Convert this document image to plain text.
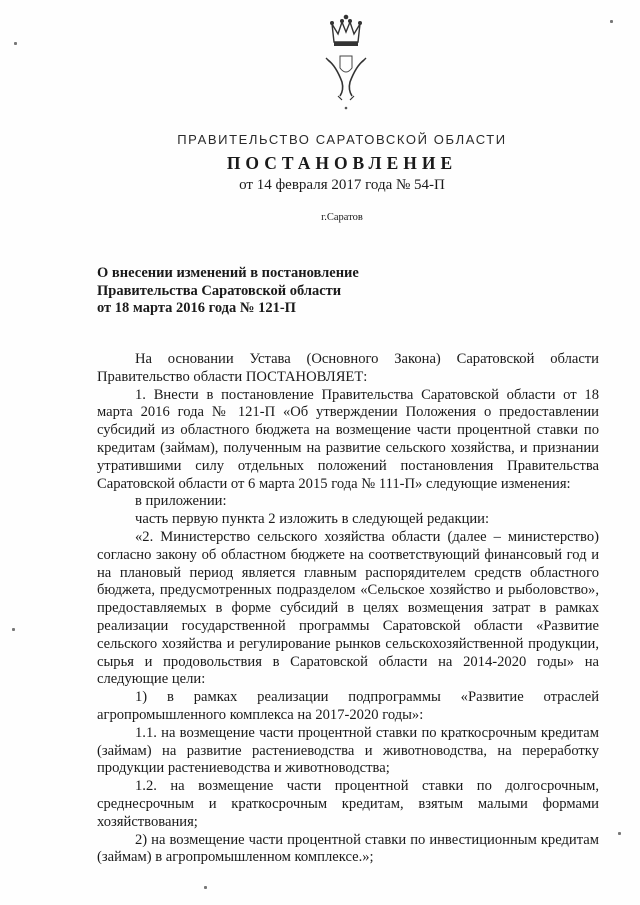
ПРАВИТЕЛЬСТВО САРАТОВСКОЙ ОБЛАСТИ
ПОСТАНОВЛЕНИЕ
от 14 февраля 2017 года № 54-П
г.Саратов
О внесении изменений в постановление
Правительства Саратовской области
от 18 марта 2016 года № 121-П

На основании Устава (Основного Закона) Саратовской области Правительство области ПОСТАНОВЛЯЕТ:

1. Внести в постановление Правительства Саратовской области от 18 марта 2016 года № 121-П «Об утверждении Положения о предоставлении субсидий из областного бюджета на возмещение части процентной ставки по кредитам (займам), полученным на развитие сельского хозяйства, и признании утратившими силу отдельных положений постановления Правительства Саратовской области от 6 марта 2015 года № 111-П» следующие изменения:

в приложении:

часть первую пункта 2 изложить в следующей редакции:

«2. Министерство сельского хозяйства области (далее – министерство) согласно закону об областном бюджете на соответствующий финансовый год и на плановый период является главным распорядителем средств областного бюджета, предусмотренных подразделом «Сельское хозяйство и рыболовство», предоставляемых в форме субсидий в целях возмещения затрат в рамках реализации государственной программы Саратовской области «Развитие сельского хозяйства и регулирование рынков сельскохозяйственной продукции, сырья и продовольствия в Саратовской области на 2014-2020 годы» на следующие цели:

1) в рамках реализации подпрограммы «Развитие отраслей агропромышленного комплекса на 2017-2020 годы»:

1.1. на возмещение части процентной ставки по краткосрочным кредитам (займам) на развитие растениеводства и животноводства, на переработку продукции растениеводства и животноводства;

1.2. на возмещение части процентной ставки по долгосрочным, среднесрочным и краткосрочным кредитам, взятым малыми формами хозяйствования;

2) на возмещение части процентной ставки по инвестиционным кредитам (займам) в агропромышленном комплексе.»;
